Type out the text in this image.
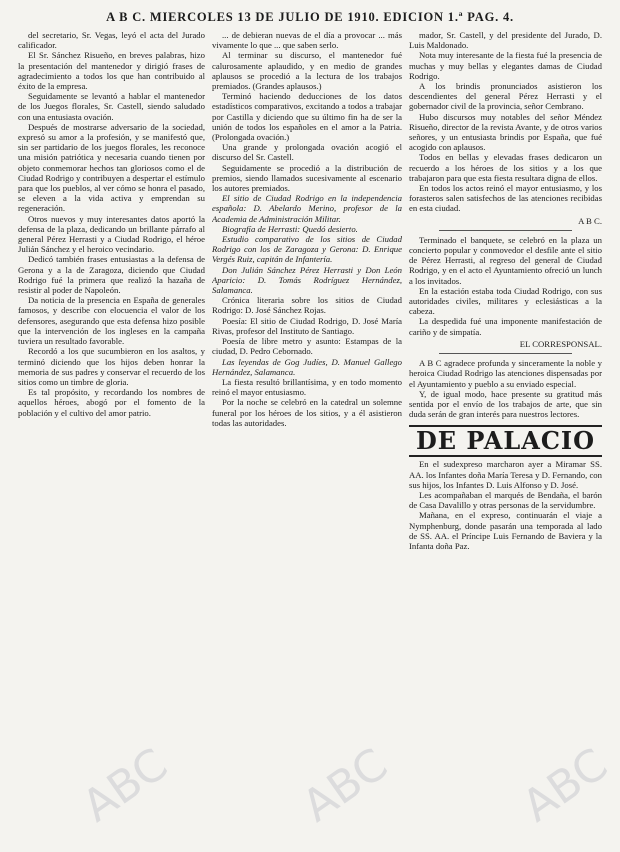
A B C. MIERCOLES 13 DE JULIO DE 1910. EDICION 1.ª PAG. 4.

del secretario, Sr. Vegas, leyó el acta del Jurado calificador.

El Sr. Sánchez Risueño, en breves palabras, hizo la presentación del mantenedor y dirigió frases de agradecimiento a todos los que han contribuido al éxito de la empresa.

Seguidamente se levantó a hablar el mantenedor de los Juegos florales, Sr. Castell, siendo saludado con una entusiasta ovación.

Después de mostrarse adversario de la sociedad, expresó su amor a la profesión, y se manifestó que, sin ser partidario de los juegos florales, les reconoce una misión patriótica y necesaria cuando tienen por objeto conmemorar hechos tan gloriosos como el de Ciudad Rodrigo y contribuyen a despertar el estímulo para que los pueblos, al ver cómo se honra el pasado, se eleven a la vida activa y emprendan su regeneración.

Otros nuevos y muy interesantes datos aportó la defensa de la plaza, dedicando un brillante párrafo al general Pérez Herrasti y a Ciudad Rodrigo, el héroe Julián Sánchez y el heroico vecindario.

Dedicó también frases entusiastas a la defensa de Gerona y a la de Zaragoza, diciendo que Ciudad Rodrigo fué la primera que realizó la hazaña de resistir al poder de Napoleón.

Da noticia de la presencia en España de generales famosos, y describe con elocuencia el valor de los defensores, asegurando que esta defensa hizo posible que la intervención de los ingleses en la campaña tuviera un resultado favorable.

Recordó a los que sucumbieron en los asaltos, y terminó diciendo que los hijos deben honrar la memoria de sus padres y conservar el recuerdo de los sitios como un timbre de gloria.

Es tal propósito, y recordando los nombres de aquellos héroes, abogó por el fomento de la población y el cultivo del amor patrio.

... de debieran nuevas de el día a provocar ... más vivamente lo que ... que saben serlo.

Al terminar su discurso, el mantenedor fué calurosamente aplaudido, y en medio de grandes aplausos se procedió a la lectura de los trabajos premiados. (Grandes aplausos.)

Terminó haciendo deducciones de los datos estadísticos comparativos, excitando a todos a trabajar por Castilla y diciendo que su último fin ha de ser la unión de todos los españoles en el amor a la Patria. (Prolongada ovación.)

Una grande y prolongada ovación acogió el discurso del Sr. Castell.

Seguidamente se procedió a la distribución de premios, siendo llamados sucesivamente al escenario los autores premiados.

El sitio de Ciudad Rodrigo en la independencia española: D. Abelardo Merino, profesor de la Academia de Administración Militar.

Biografía de Herrasti: Quedó desierto.

Estudio comparativo de los sitios de Ciudad Rodrigo con los de Zaragoza y Gerona: D. Enrique Vergés Ruiz, capitán de Infantería.

Don Julián Sánchez Pérez Herrasti y Don León Aparicio: D. Tomás Rodríguez Hernández, Salamanca.

Crónica literaria sobre los sitios de Ciudad Rodrigo: D. José Sánchez Rojas.

Poesía: El sitio de Ciudad Rodrigo, D. José María Rivas, profesor del Instituto de Santiago.

Poesía de libre metro y asunto: Estampas de la ciudad, D. Pedro Cebornado.

Las leyendas de Gog Judíes, D. Manuel Gallego Hernández, Salamanca.

La fiesta resultó brillantísima, y en todo momento reinó el mayor entusiasmo.

Por la noche se celebró en la catedral un solemne funeral por los héroes de los sitios, y a él asistieron todas las autoridades.

mador, Sr. Castell, y del presidente del Jurado, D. Luis Maldonado.

Nota muy interesante de la fiesta fué la presencia de muchas y muy bellas y elegantes damas de Ciudad Rodrigo.

A los brindis pronunciados asistieron los descendientes del general Pérez Herrasti y el gobernador civil de la provincia, señor Cembrano.

Hubo discursos muy notables del señor Méndez Risueño, director de la revista Avante, y de otros varios señores, y un entusiasta brindis por España, que fué acogido con aplausos.

Todos en bellas y elevadas frases dedicaron un recuerdo a los héroes de los sitios y a los que trabajaron para que esta fiesta resultara digna de ellos.

En todos los actos reinó el mayor entusiasmo, y los forasteros salen satisfechos de las atenciones recibidas en esta ciudad.

A B C.

Terminado el banquete, se celebró en la plaza un concierto popular y conmovedor el desfile ante el sitio de Pérez Herrasti, al regreso del general de Ciudad Rodrigo, y en el acto el Ayuntamiento ofreció un lunch a los invitados.

En la estación estaba toda Ciudad Rodrigo, con sus autoridades civiles, militares y eclesiásticas a la cabeza.

La despedida fué una imponente manifestación de cariño y de simpatía.

EL CORRESPONSAL.

A B C agradece profunda y sinceramente la noble y heroica Ciudad Rodrigo las atenciones dispensadas por el Ayuntamiento y pueblo a su enviado especial.

Y, de igual modo, hace presente su gratitud más sentida por el envío de los trabajos de arte, que sin duda serán de gran interés para nuestros lectores.

DE PALACIO

En el sudexpreso marcharon ayer a Miramar SS. AA. los Infantes doña María Teresa y D. Fernando, con sus hijos, los Infantes D. Luis Alfonso y D. José.

Les acompañaban el marqués de Bendaña, el barón de Casa Davalillo y otras personas de la servidumbre.

Mañana, en el expreso, continuarán el viaje a Nymphenburg, donde pasarán una temporada al lado de SS. AA. el Príncipe Luis Fernando de Baviera y la Infanta doña Paz.

ABC	ABC	ABC
